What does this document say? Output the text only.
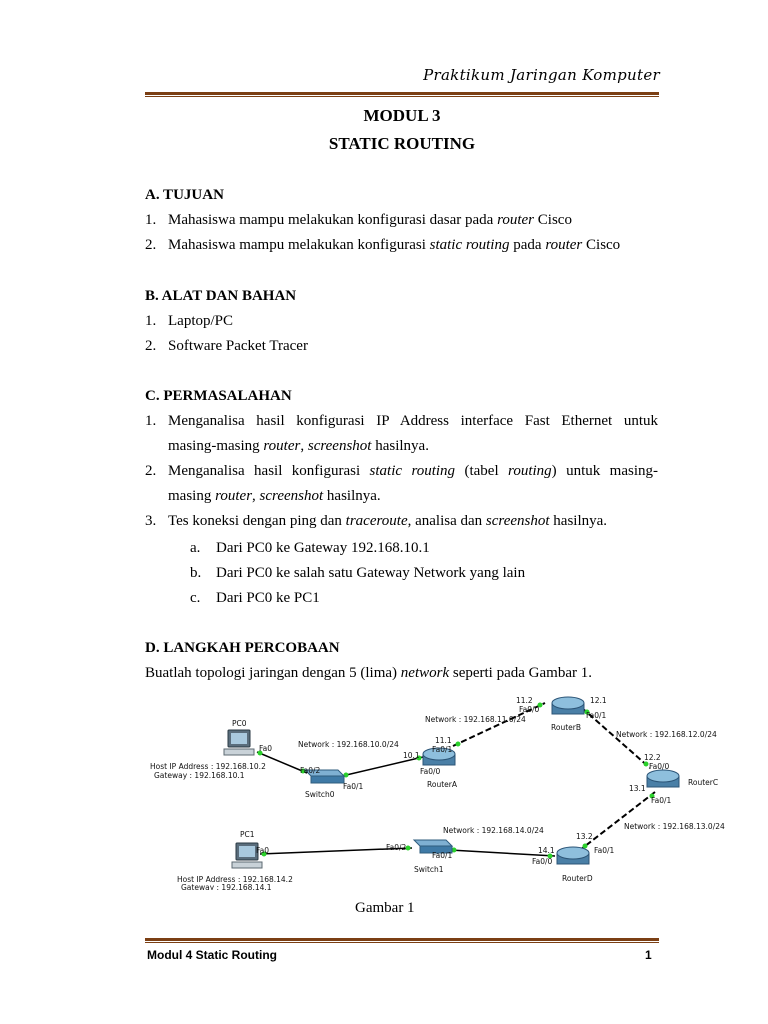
Praktikum Jaringan Komputer
MODUL 3
STATIC ROUTING
A. TUJUAN
1. Mahasiswa mampu melakukan konfigurasi dasar pada router Cisco
2. Mahasiswa mampu melakukan konfigurasi static routing pada router Cisco
B. ALAT DAN BAHAN
1. Laptop/PC
2. Software Packet Tracer
C. PERMASALAHAN
1. Menganalisa hasil konfigurasi IP Address interface Fast Ethernet untuk
masing-masing router, screenshot hasilnya.
2. Menganalisa hasil konfigurasi static routing (tabel routing) untuk masing-
masing router, screenshot hasilnya.
3. Tes koneksi dengan ping dan traceroute, analisa dan screenshot hasilnya.
a. Dari PC0 ke Gateway 192.168.10.1
b. Dari PC0 ke salah satu Gateway Network yang lain
c. Dari PC0 ke PC1
D. LANGKAH PERCOBAAN
Buatlah topologi jaringan dengan 5 (lima) network seperti pada Gambar 1.
PC0
Host IP Address : 192.168.10.2
Gateway : 192.168.10.1
Fa0
Fa0/2
Fa0/1
Switch0
10.1
Fa0/0
11.1
Fa0/1
RouterA
Network : 192.168.10.0/24
11.2
Fa0/0
12.1
Fa0/1
RouterB
Network : 192.168.11.0/24
Network : 192.168.12.0/24
12.2
Fa0/0
13.1
Fa0/1
RouterC
Network : 192.168.13.0/24
13.2
Fa0/1
14.1
Fa0/0
RouterD
Fa0/2
Fa0/1
Switch1
Network : 192.168.14.0/24
PC1
Fa0
Host IP Address : 192.168.14.2
Gateway : 192.168.14.1
Gambar 1
Modul 4 Static Routing	1
